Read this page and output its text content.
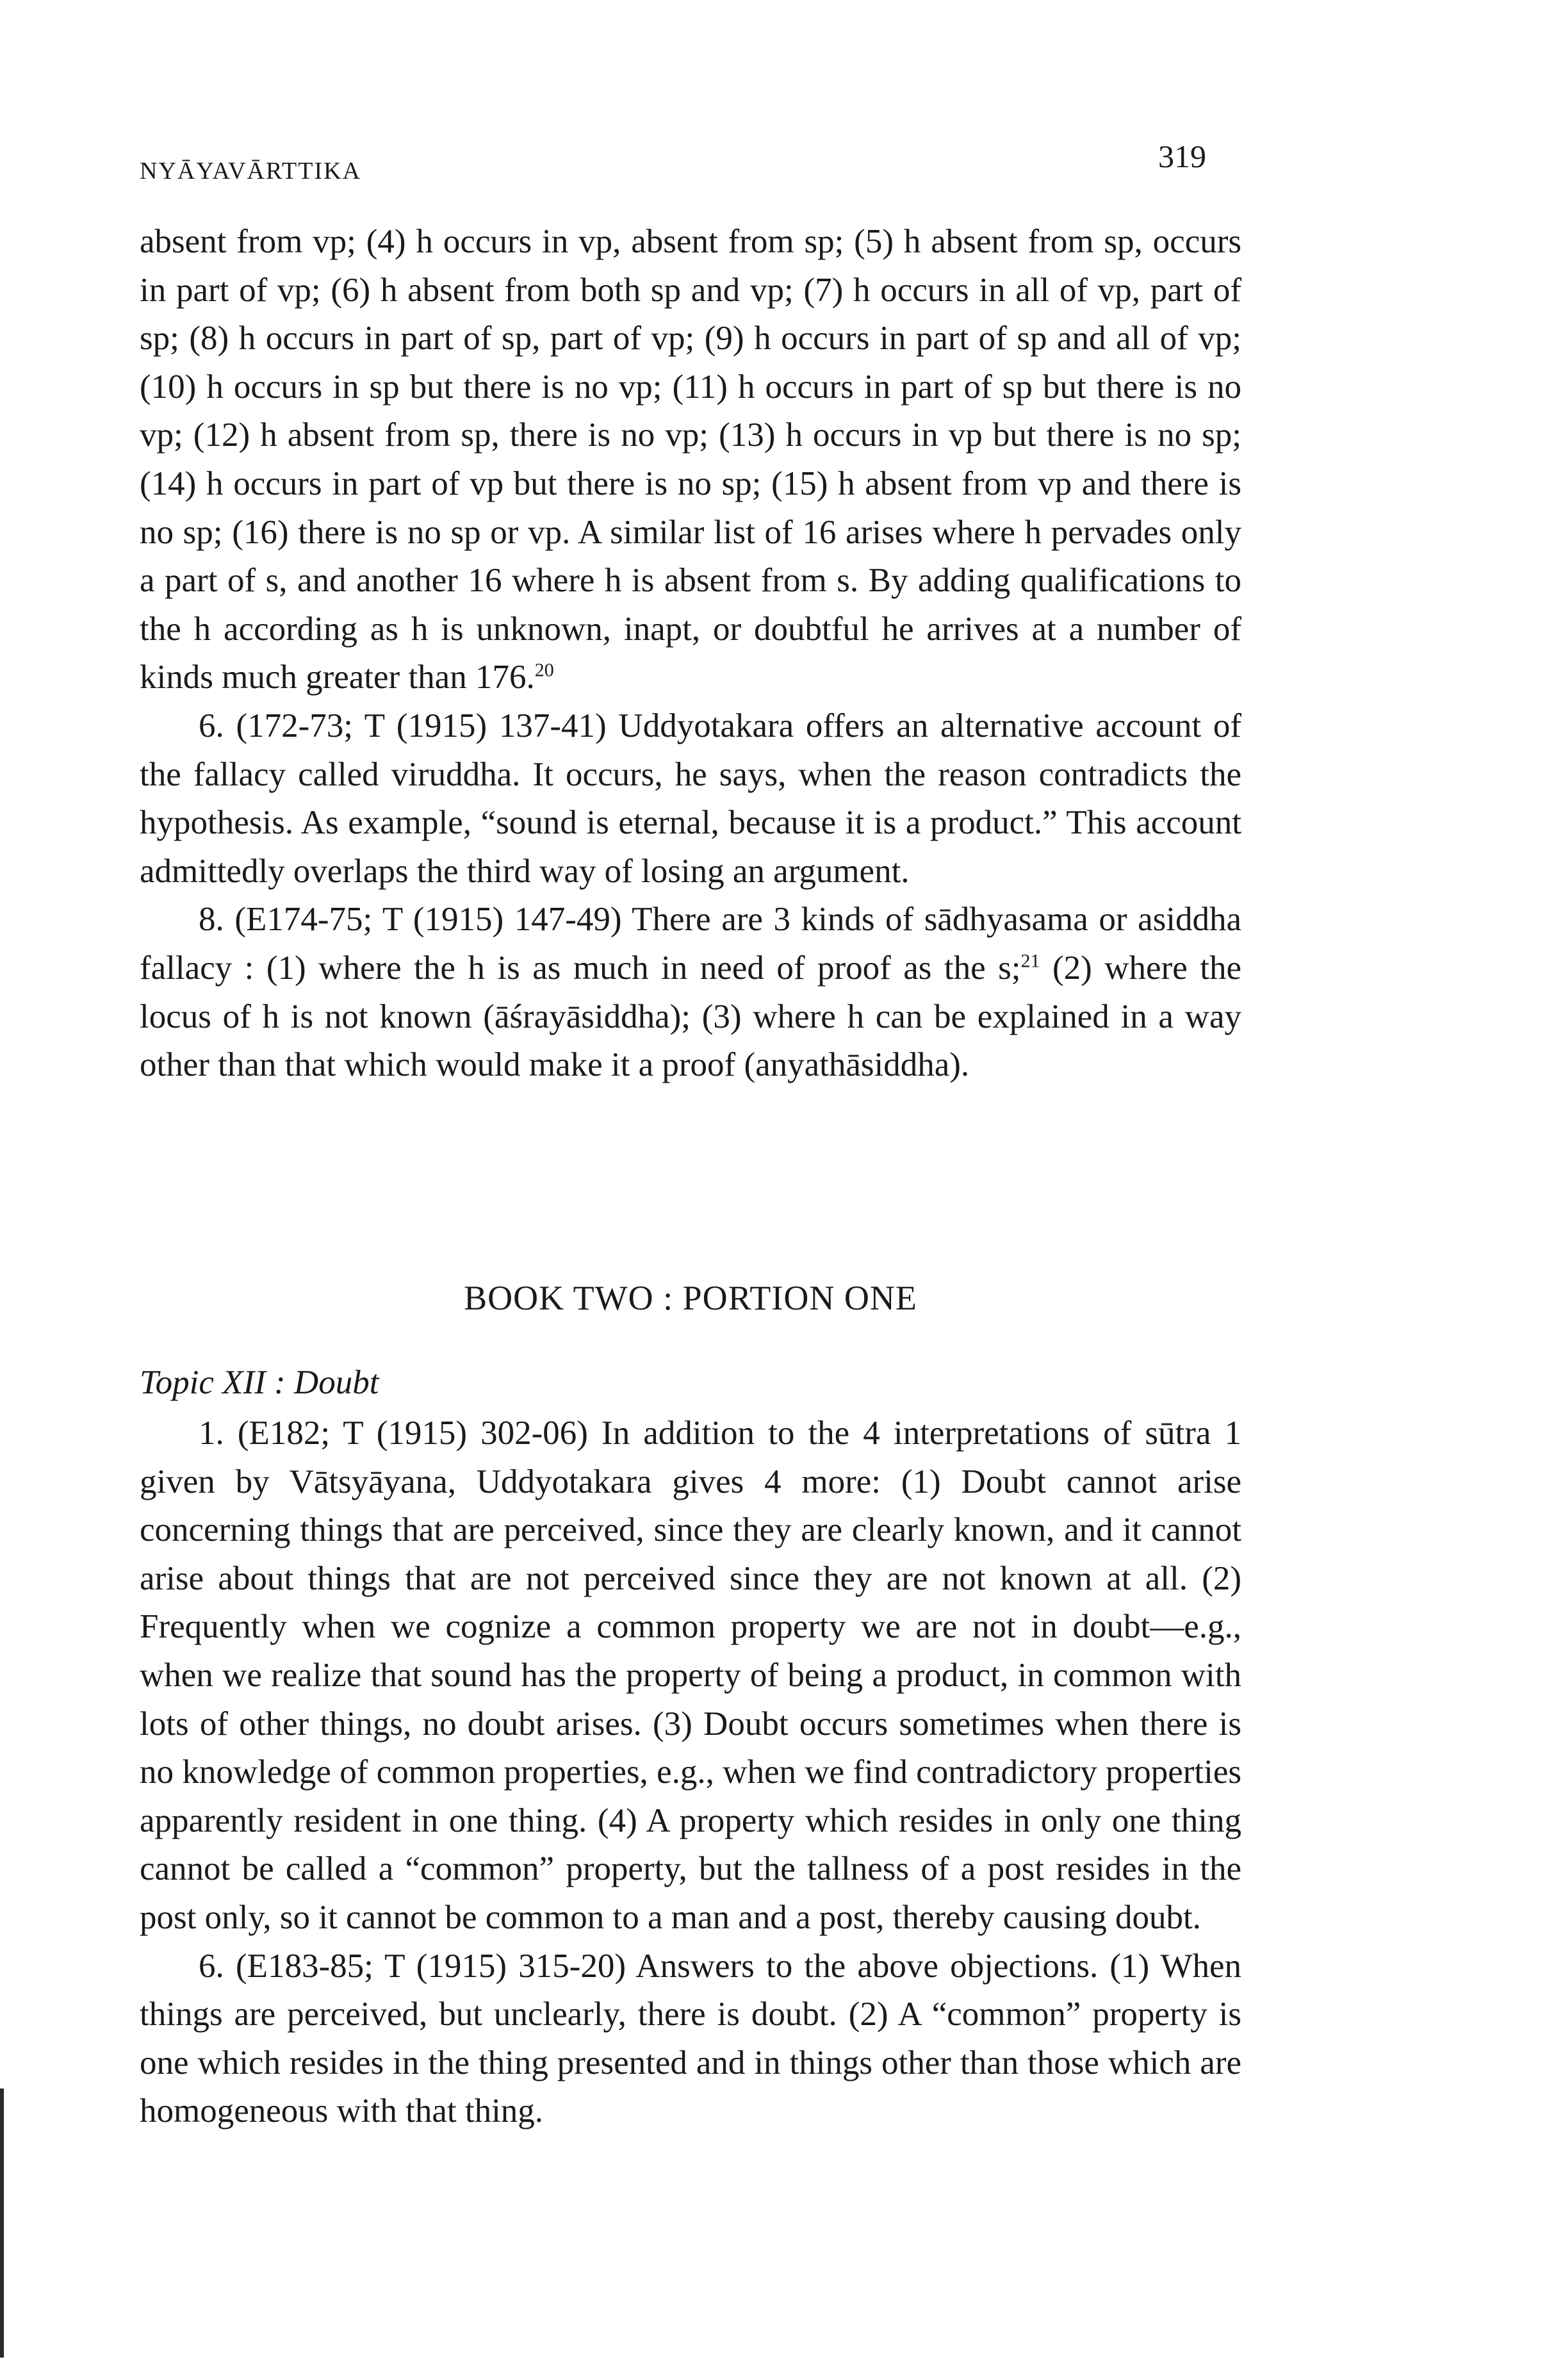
NYĀYAVĀRTTIKA	319

absent from vp; (4) h occurs in vp, absent from sp; (5) h absent from sp, occurs in part of vp; (6) h absent from both sp and vp; (7) h occurs in all of vp, part of sp; (8) h occurs in part of sp, part of vp; (9) h occurs in part of sp and all of vp; (10) h occurs in sp but there is no vp; (11) h occurs in part of sp but there is no vp; (12) h absent from sp, there is no vp; (13) h occurs in vp but there is no sp; (14) h occurs in part of vp but there is no sp; (15) h absent from vp and there is no sp; (16) there is no sp or vp. A similar list of 16 arises where h pervades only a part of s, and another 16 where h is absent from s. By adding qualifications to the h according as h is unknown, inapt, or doubtful he arrives at a number of kinds much greater than 176.20

6. (172-73; T (1915) 137-41) Uddyotakara offers an alternative account of the fallacy called viruddha. It occurs, he says, when the reason contradicts the hypothesis. As example, “sound is eternal, because it is a product.” This account admittedly overlaps the third way of losing an argument.

8. (E174-75; T (1915) 147-49) There are 3 kinds of sādhyasama or asiddha fallacy : (1) where the h is as much in need of proof as the s;$^{21}$ (2) where the locus of h is not known (āśrayāsiddha); (3) where h can be explained in a way other than that which would make it a proof (anyathāsiddha).

BOOK TWO : PORTION ONE
Topic XII : Doubt

1. (E182; T (1915) 302-06) In addition to the 4 interpretations of sūtra 1 given by Vātsyāyana, Uddyotakara gives 4 more: (1) Doubt cannot arise concerning things that are perceived, since they are clearly known, and it cannot arise about things that are not perceived since they are not known at all. (2) Frequently when we cognize a common property we are not in doubt—e.g., when we realize that sound has the property of being a product, in common with lots of other things, no doubt arises. (3) Doubt occurs sometimes when there is no knowledge of common properties, e.g., when we find contradictory properties apparently resident in one thing. (4) A property which resides in only one thing cannot be called a “common” property, but the tallness of a post resides in the post only, so it cannot be common to a man and a post, thereby causing doubt.

6. (E183-85; T (1915) 315-20) Answers to the above objections. (1) When things are perceived, but unclearly, there is doubt. (2) A “common” property is one which resides in the thing presented and in things other than those which are homogeneous with that thing.
